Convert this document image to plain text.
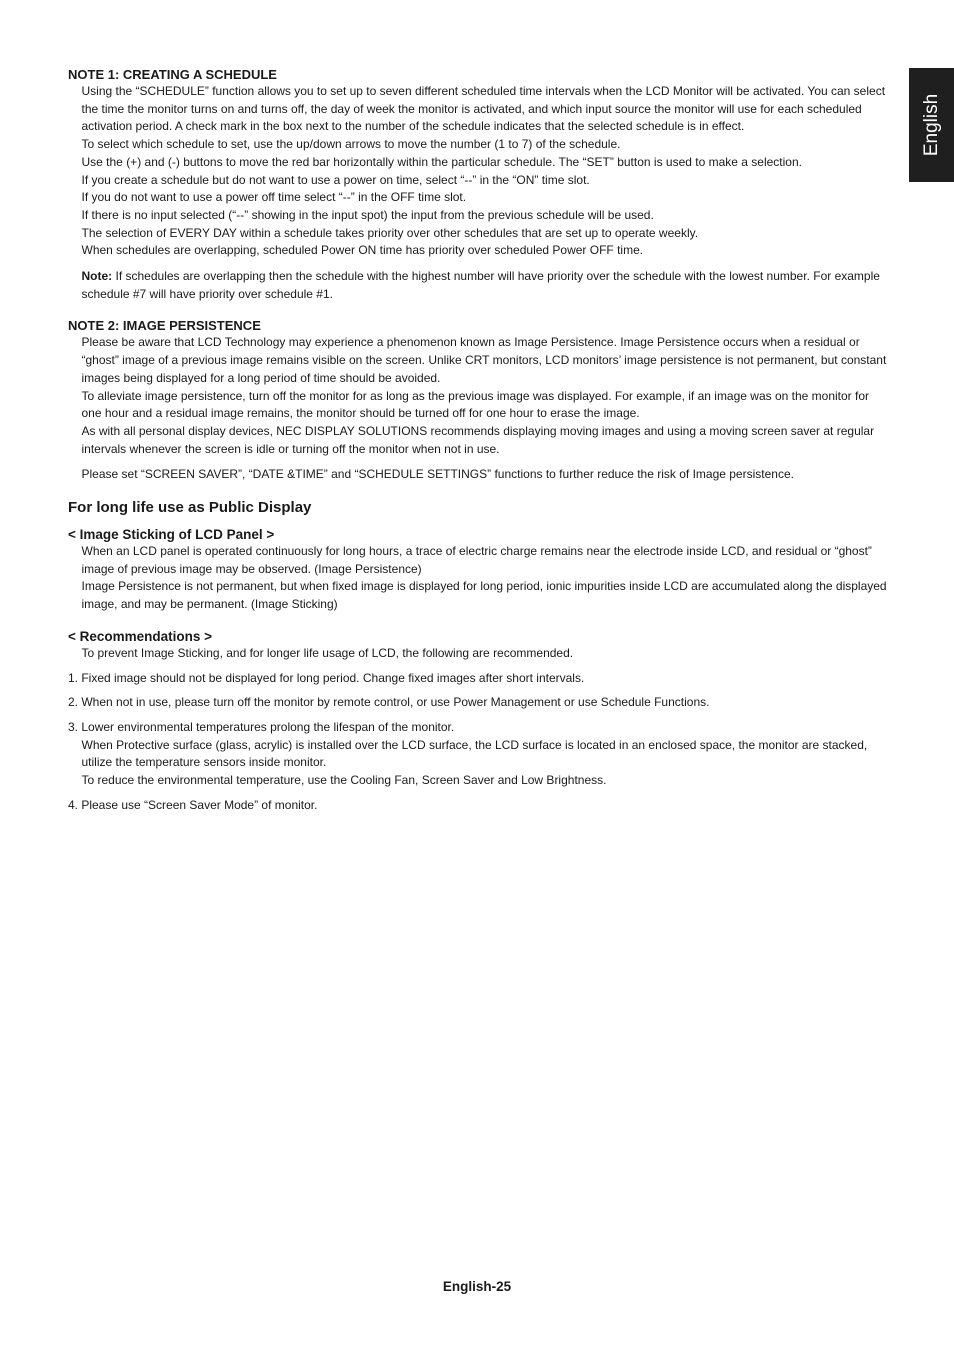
English

NOTE 1: CREATING A SCHEDULE

Using the “SCHEDULE” function allows you to set up to seven different scheduled time intervals when the LCD Monitor will be activated. You can select the time the monitor turns on and turns off, the day of week the monitor is activated, and which input source the monitor will use for each scheduled activation period. A check mark in the box next to the number of the schedule indicates that the selected schedule is in effect.

To select which schedule to set, use the up/down arrows to move the number (1 to 7) of the schedule.

Use the (+) and (-) buttons to move the red bar horizontally within the particular schedule. The “SET” button is used to make a selection.

If you create a schedule but do not want to use a power on time, select “--” in the “ON” time slot.

If you do not want to use a power off time select “--” in the OFF time slot.

If there is no input selected (“--” showing in the input spot) the input from the previous schedule will be used.

The selection of EVERY DAY within a schedule takes priority over other schedules that are set up to operate weekly.

When schedules are overlapping, scheduled Power ON time has priority over scheduled Power OFF time.

Note: If schedules are overlapping then the schedule with the highest number will have priority over the schedule with the lowest number. For example schedule #7 will have priority over schedule #1.

NOTE 2: IMAGE PERSISTENCE

Please be aware that LCD Technology may experience a phenomenon known as Image Persistence. Image Persistence occurs when a residual or “ghost” image of a previous image remains visible on the screen. Unlike CRT monitors, LCD monitors’ image persistence is not permanent, but constant images being displayed for a long period of time should be avoided.

To alleviate image persistence, turn off the monitor for as long as the previous image was displayed. For example, if an image was on the monitor for one hour and a residual image remains, the monitor should be turned off for one hour to erase the image.

As with all personal display devices, NEC DISPLAY SOLUTIONS recommends displaying moving images and using a moving screen saver at regular intervals whenever the screen is idle or turning off the monitor when not in use.

Please set “SCREEN SAVER”, “DATE &TIME” and “SCHEDULE SETTINGS” functions to further reduce the risk of Image persistence.

For long life use as Public Display

< Image Sticking of LCD Panel >

When an LCD panel is operated continuously for long hours, a trace of electric charge remains near the electrode inside LCD, and residual or “ghost” image of previous image may be observed. (Image Persistence)

Image Persistence is not permanent, but when fixed image is displayed for long period, ionic impurities inside LCD are accumulated along the displayed image, and may be permanent. (Image Sticking)

< Recommendations >

To prevent Image Sticking, and for longer life usage of LCD, the following are recommended.

1. Fixed image should not be displayed for long period. Change fixed images after short intervals.

2. When not in use, please turn off the monitor by remote control, or use Power Management or use Schedule Functions.

3. Lower environmental temperatures prolong the lifespan of the monitor.
When Protective surface (glass, acrylic) is installed over the LCD surface, the LCD surface is located in an enclosed space, the monitor are stacked, utilize the temperature sensors inside monitor.
To reduce the environmental temperature, use the Cooling Fan, Screen Saver and Low Brightness.

4. Please use “Screen Saver Mode” of monitor.

English-25
